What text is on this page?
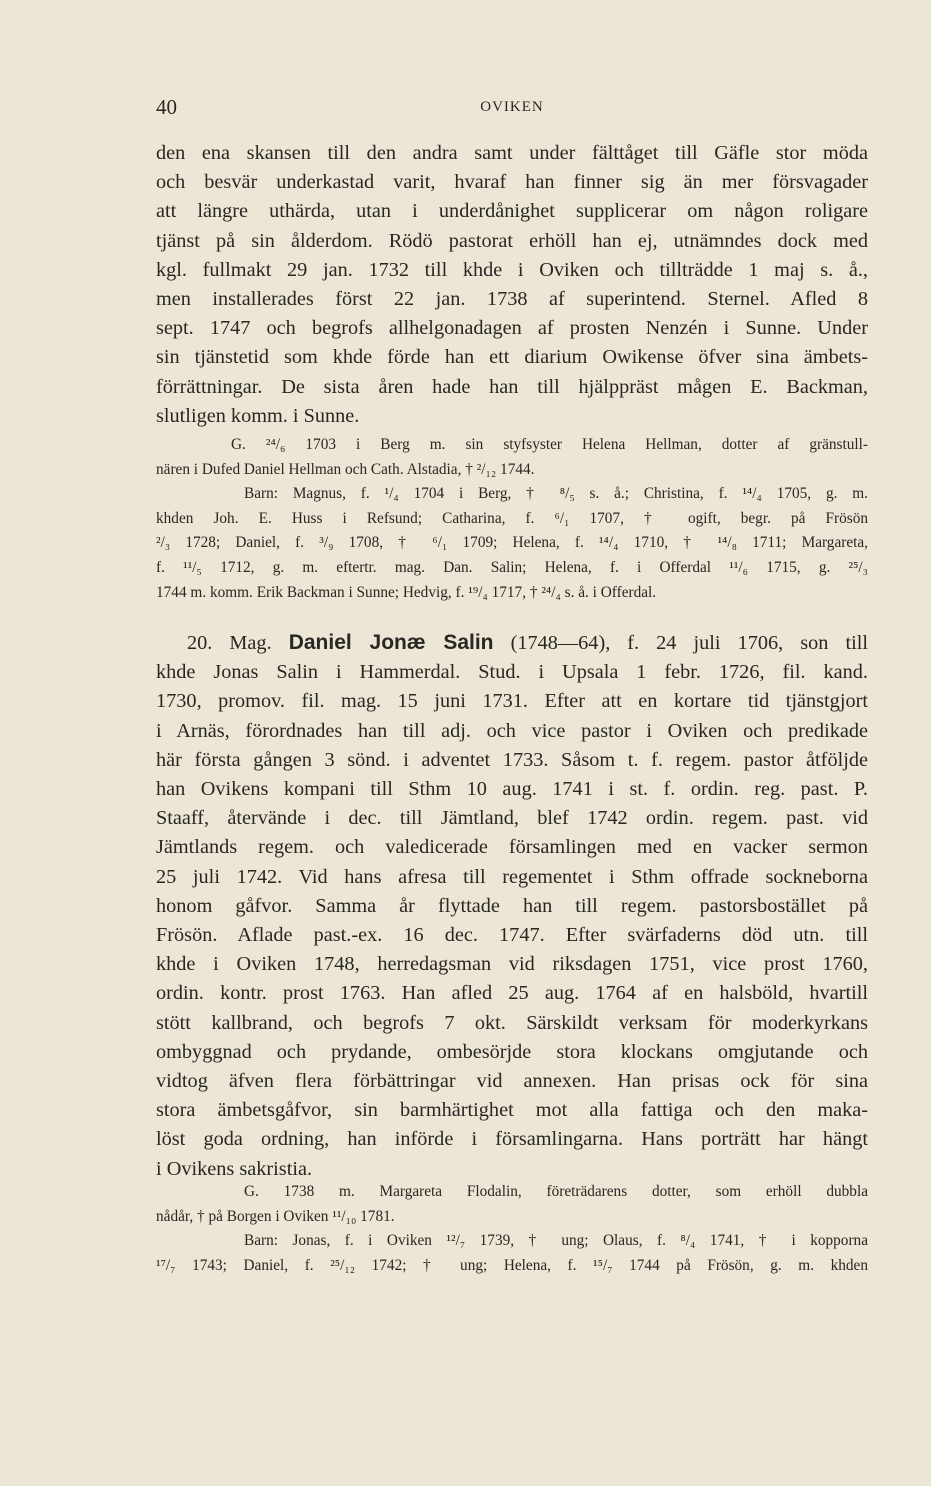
40	OVIKEN
den ena skansen till den andra samt under fälttåget till Gäfle stor möda
och besvär underkastad varit, hvaraf han finner sig än mer försvagader
att längre uthärda, utan i underdånighet supplicerar om någon roligare
tjänst på sin ålderdom. Rödö pastorat erhöll han ej, utnämndes dock med
kgl. fullmakt 29 jan. 1732 till khde i Oviken och tillträdde 1 maj s. å.,
men installerades först 22 jan. 1738 af superintend. Sternel. Afled 8
sept. 1747 och begrofs allhelgonadagen af prosten Nenzén i Sunne. Under
sin tjänstetid som khde förde han ett diarium Owikense öfver sina ämbets-
förrättningar. De sista åren hade han till hjälppräst mågen E. Backman,
slutligen komm. i Sunne.
G. ²⁴/₆ 1703 i Berg m. sin styfsyster Helena Hellman, dotter af gränstull-
nären i Dufed Daniel Hellman och Cath. Alstadia, † ²/₁₂ 1744.
Barn: Magnus, f. ¹/₄ 1704 i Berg, † ⁸/₅ s. å.; Christina, f. ¹⁴/₄ 1705, g. m.
khden Joh. E. Huss i Refsund; Catharina, f. ⁶/₁ 1707, † ogift, begr. på Frösön
²/₃ 1728; Daniel, f. ³/₉ 1708, † ⁶/₁ 1709; Helena, f. ¹⁴/₄ 1710, † ¹⁴/₈ 1711; Margareta,
f. ¹¹/₅ 1712, g. m. eftertr. mag. Dan. Salin; Helena, f. i Offerdal ¹¹/₆ 1715, g. ²⁵/₃
1744 m. komm. Erik Backman i Sunne; Hedvig, f. ¹⁹/₄ 1717, † ²⁴/₄ s. å. i Offerdal.
20. Mag. Daniel Jonæ Salin (1748—64), f. 24 juli 1706, son till
khde Jonas Salin i Hammerdal. Stud. i Upsala 1 febr. 1726, fil. kand.
1730, promov. fil. mag. 15 juni 1731. Efter att en kortare tid tjänstgjort
i Arnäs, förordnades han till adj. och vice pastor i Oviken och predikade
här första gången 3 sönd. i adventet 1733. Såsom t. f. regem. pastor åtföljde
han Ovikens kompani till Sthm 10 aug. 1741 i st. f. ordin. reg. past. P.
Staaff, återvände i dec. till Jämtland, blef 1742 ordin. regem. past. vid
Jämtlands regem. och valedicerade församlingen med en vacker sermon
25 juli 1742. Vid hans afresa till regementet i Sthm offrade sockneborna
honom gåfvor. Samma år flyttade han till regem. pastorsbostället på
Frösön. Aflade past.-ex. 16 dec. 1747. Efter svärfaderns död utn. till
khde i Oviken 1748, herredagsman vid riksdagen 1751, vice prost 1760,
ordin. kontr. prost 1763. Han afled 25 aug. 1764 af en halsböld, hvartill
stött kallbrand, och begrofs 7 okt. Särskildt verksam för moderkyrkans
ombyggnad och prydande, ombesörjde stora klockans omgjutande och
vidtog äfven flera förbättringar vid annexen. Han prisas ock för sina
stora ämbetsgåfvor, sin barmhärtighet mot alla fattiga och den maka-
löst goda ordning, han införde i församlingarna. Hans porträtt har hängt
i Ovikens sakristia.
G. 1738 m. Margareta Flodalin, företrädarens dotter, som erhöll dubbla
nådår, † på Borgen i Oviken ¹¹/₁₀ 1781.
Barn: Jonas, f. i Oviken ¹²/₇ 1739, † ung; Olaus, f. ⁸/₄ 1741, † i kopporna
¹⁷/₇ 1743; Daniel, f. ²⁵/₁₂ 1742; † ung; Helena, f. ¹⁵/₇ 1744 på Frösön, g. m. khden
